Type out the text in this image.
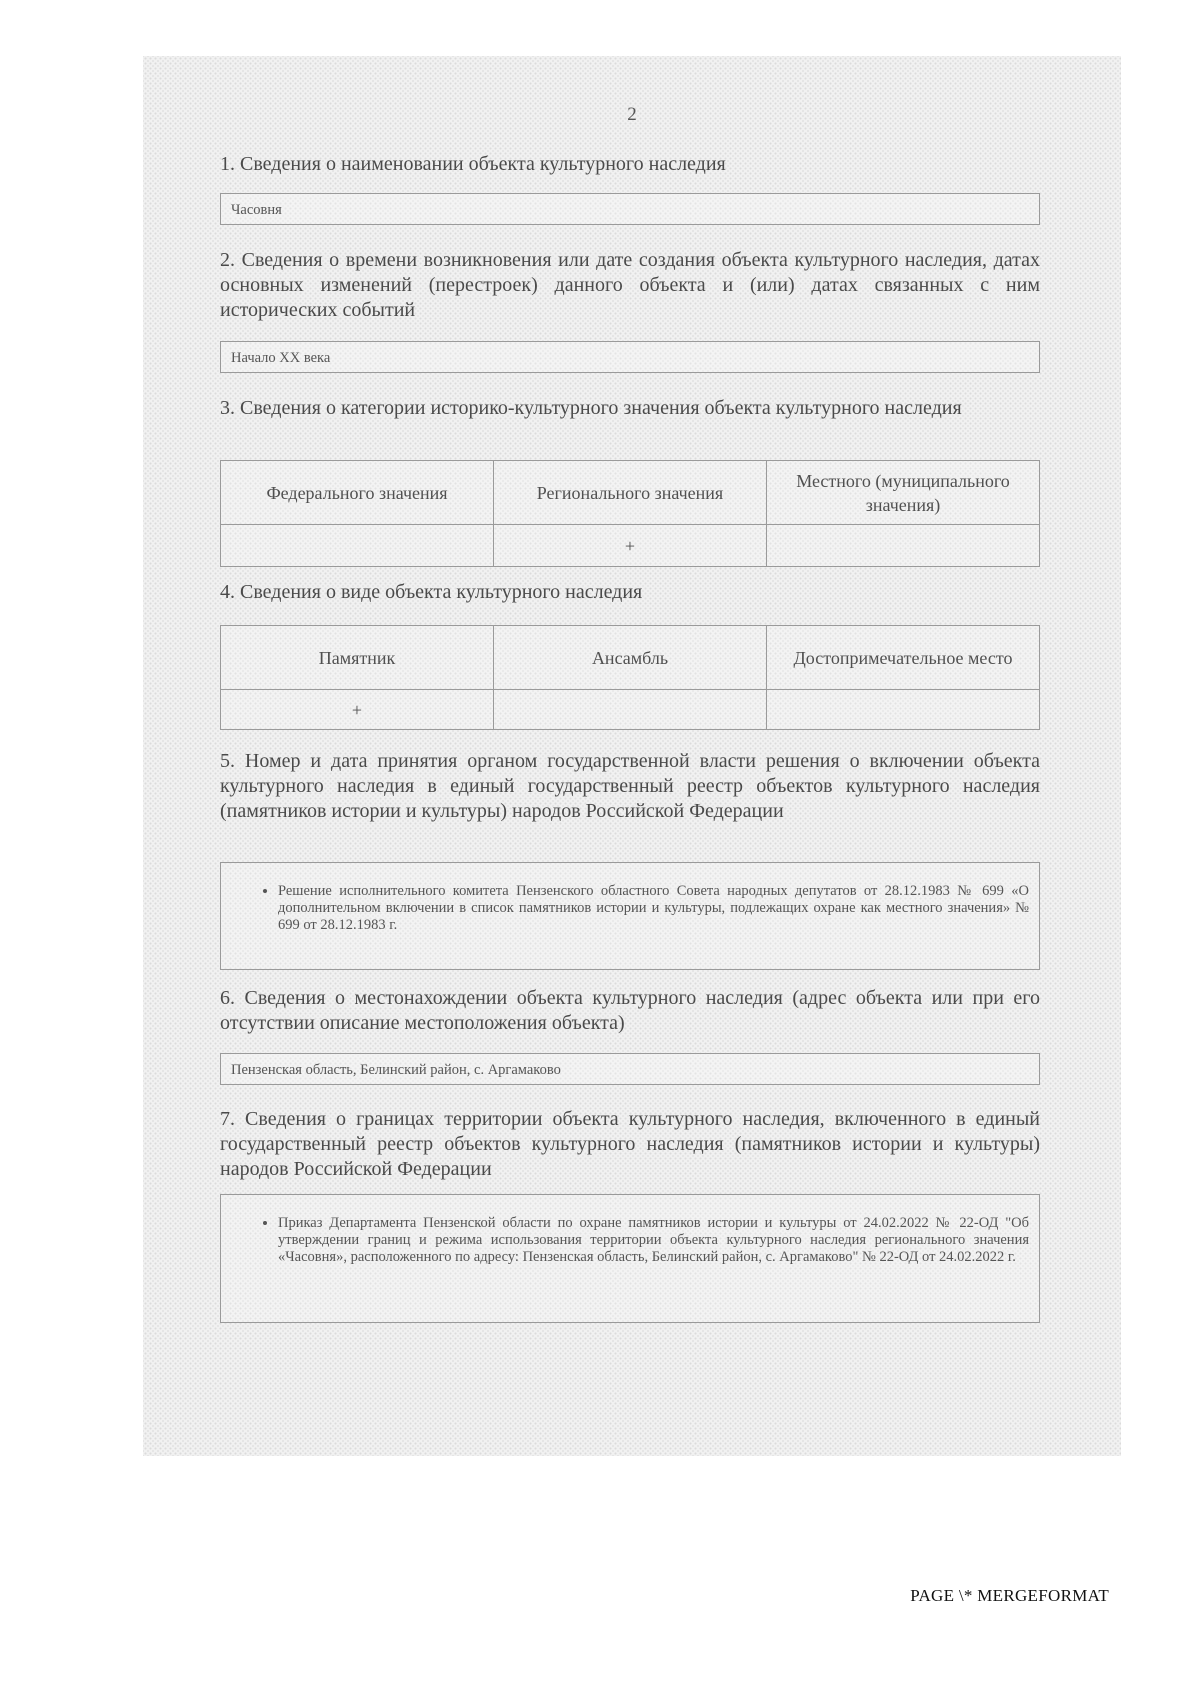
2

1. Сведения о наименовании объекта культурного наследия

Часовня

2. Сведения о времени возникновения или дате создания объекта культурного наследия, датах основных изменений (перестроек) данного объекта и (или) датах связанных с ним исторических событий

Начало XX века

3. Сведения о категории историко-культурного значения объекта культурного наследия

Федерального значения	Регионального значения	Местного (муниципального значения)
	+	

4. Сведения о виде объекта культурного наследия

Памятник	Ансамбль	Достопримечательное место
+		

5. Номер и дата принятия органом государственной власти решения о включении объекта культурного наследия в единый государственный реестр объектов культурного наследия (памятников истории и культуры) народов Российской Федерации

• Решение исполнительного комитета Пензенского областного Совета народных депутатов от 28.12.1983 № 699 «О дополнительном включении в список памятников истории и культуры, подлежащих охране как местного значения» № 699 от 28.12.1983 г.

6. Сведения о местонахождении объекта культурного наследия (адрес объекта или при его отсутствии описание местоположения объекта)

Пензенская область, Белинский район, с. Аргамаково

7. Сведения о границах территории объекта культурного наследия, включенного в единый государственный реестр объектов культурного наследия (памятников истории и культуры) народов Российской Федерации

• Приказ Департамента Пензенской области по охране памятников истории и культуры от 24.02.2022 № 22-ОД "Об утверждении границ и режима использования территории объекта культурного наследия регионального значения «Часовня», расположенного по адресу: Пензенская область, Белинский район, с. Аргамаково" № 22-ОД от 24.02.2022 г.
PAGE \* MERGEFORMAT
